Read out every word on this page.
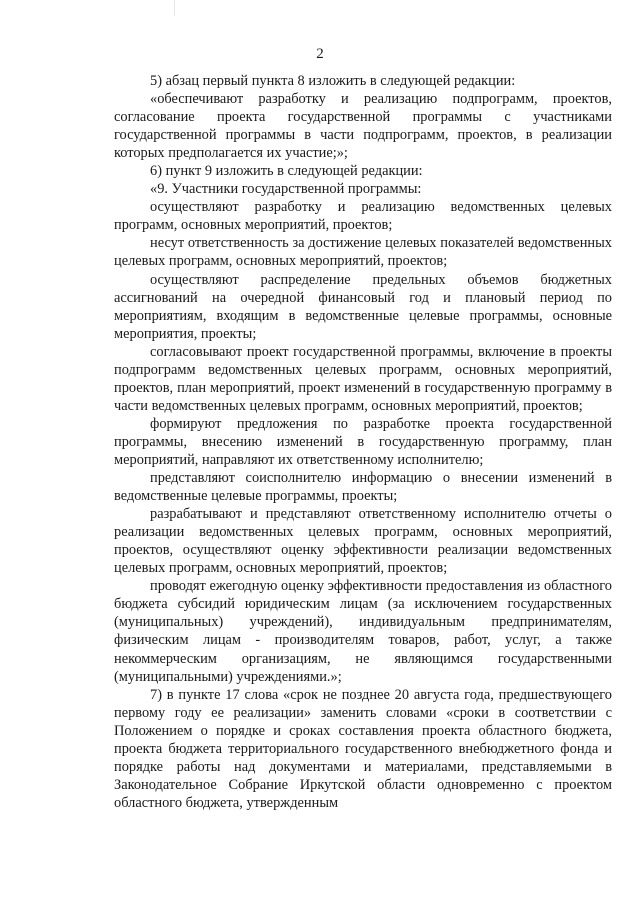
2

5) абзац первый пункта 8 изложить в следующей редакции:

«обеспечивают разработку и реализацию подпрограмм, проектов, согласование проекта государственной программы с участниками государственной программы в части подпрограмм, проектов, в реализации которых предполагается их участие;»;

6) пункт 9 изложить в следующей редакции:

«9. Участники государственной программы:

осуществляют разработку и реализацию ведомственных целевых программ, основных мероприятий, проектов;

несут ответственность за достижение целевых показателей ведомственных целевых программ, основных мероприятий, проектов;

осуществляют распределение предельных объемов бюджетных ассигнований на очередной финансовый год и плановый период по мероприятиям, входящим в ведомственные целевые программы, основные мероприятия, проекты;

согласовывают проект государственной программы, включение в проекты подпрограмм ведомственных целевых программ, основных мероприятий, проектов, план мероприятий, проект изменений в государственную программу в части ведомственных целевых программ, основных мероприятий, проектов;

формируют предложения по разработке проекта государственной программы, внесению изменений в государственную программу, план мероприятий, направляют их ответственному исполнителю;

представляют соисполнителю информацию о внесении изменений в ведомственные целевые программы, проекты;

разрабатывают и представляют ответственному исполнителю отчеты о реализации ведомственных целевых программ, основных мероприятий, проектов, осуществляют оценку эффективности реализации ведомственных целевых программ, основных мероприятий, проектов;

проводят ежегодную оценку эффективности предоставления из областного бюджета субсидий юридическим лицам (за исключением государственных (муниципальных) учреждений), индивидуальным предпринимателям, физическим лицам - производителям товаров, работ, услуг, а также некоммерческим организациям, не являющимся государственными (муниципальными) учреждениями.»;

7) в пункте 17 слова «срок не позднее 20 августа года, предшествующего первому году ее реализации» заменить словами «сроки в соответствии с Положением о порядке и сроках составления проекта областного бюджета, проекта бюджета территориального государственного внебюджетного фонда и порядке работы над документами и материалами, представляемыми в Законодательное Собрание Иркутской области одновременно с проектом областного бюджета, утвержденным
